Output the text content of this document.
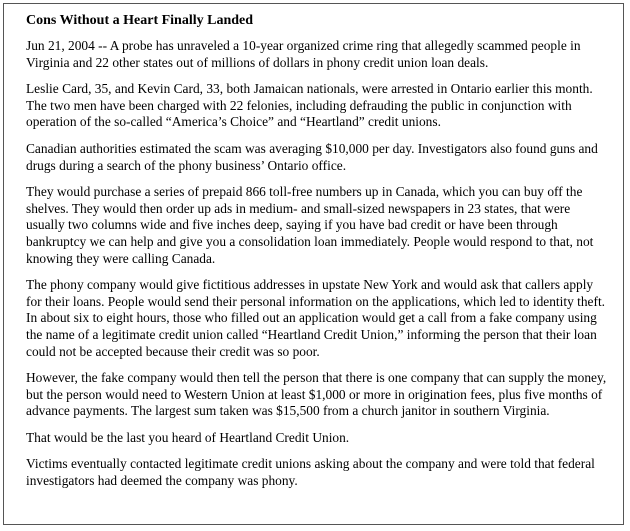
Cons Without a Heart Finally Landed

Jun 21, 2004 -- A probe has unraveled a 10-year organized crime ring that allegedly scammed people in Virginia and 22 other states out of millions of dollars in phony credit union loan deals.

Leslie Card, 35, and Kevin Card, 33, both Jamaican nationals, were arrested in Ontario earlier this month. The two men have been charged with 22 felonies, including defrauding the public in conjunction with operation of the so-called “America’s Choice” and “Heartland” credit unions.

Canadian authorities estimated the scam was averaging $10,000 per day. Investigators also found guns and drugs during a search of the phony business’ Ontario office.

They would purchase a series of prepaid 866 toll-free numbers up in Canada, which you can buy off the shelves. They would then order up ads in medium- and small-sized newspapers in 23 states, that were usually two columns wide and five inches deep, saying if you have bad credit or have been through bankruptcy we can help and give you a consolidation loan immediately. People would respond to that, not knowing they were calling Canada.

The phony company would give fictitious addresses in upstate New York and would ask that callers apply for their loans. People would send their personal information on the applications, which led to identity theft. In about six to eight hours, those who filled out an application would get a call from a fake company using the name of a legitimate credit union called “Heartland Credit Union,” informing the person that their loan could not be accepted because their credit was so poor.

However, the fake company would then tell the person that there is one company that can supply the money, but the person would need to Western Union at least $1,000 or more in origination fees, plus five months of advance payments. The largest sum taken was $15,500 from a church janitor in southern Virginia.

That would be the last you heard of Heartland Credit Union.

Victims eventually contacted legitimate credit unions asking about the company and were told that federal investigators had deemed the company was phony.
